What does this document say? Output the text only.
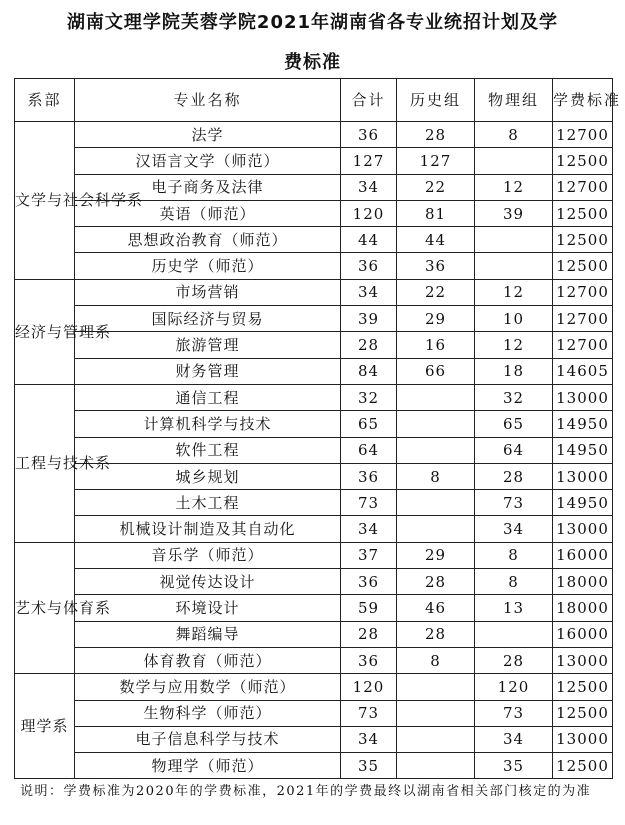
湖南文理学院芙蓉学院2021年湖南省各专业统招计划及学
费标准
系部	专业名称	合计	历史组	物理组	学费标准
文学与社会科学系	法学	36	28	8	12700
	汉语言文学（师范）	127	127		12500
	电子商务及法律	34	22	12	12700
	英语（师范）	120	81	39	12500
	思想政治教育（师范）	44	44		12500
	历史学（师范）	36	36		12500
经济与管理系	市场营销	34	22	12	12700
	国际经济与贸易	39	29	10	12700
	旅游管理	28	16	12	12700
	财务管理	84	66	18	14605
工程与技术系	通信工程	32		32	13000
	计算机科学与技术	65		65	14950
	软件工程	64		64	14950
	城乡规划	36	8	28	13000
	土木工程	73		73	14950
	机械设计制造及其自动化	34		34	13000
艺术与体育系	音乐学（师范）	37	29	8	16000
	视觉传达设计	36	28	8	18000
	环境设计	59	46	13	18000
	舞蹈编导	28	28		16000
	体育教育（师范）	36	8	28	13000
理学系	数学与应用数学（师范）	120		120	12500
	生物科学（师范）	73		73	12500
	电子信息科学与技术	34		34	13000
	物理学（师范）	35		35	12500
说明：学费标准为2020年的学费标准，2021年的学费最终以湖南省相关部门核定的为准
